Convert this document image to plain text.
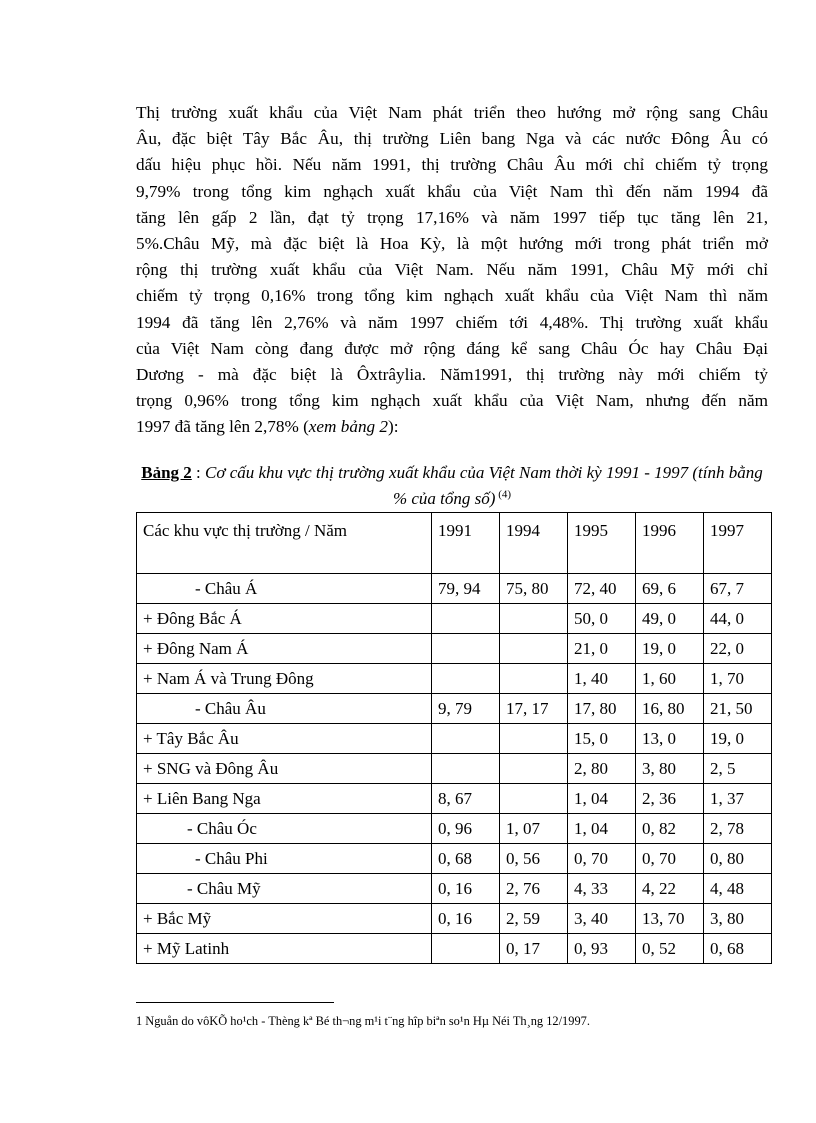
Thị trường xuất khẩu của Việt Nam phát triển theo hướng mở rộng sang Châu
Âu, đặc biệt Tây Bắc Âu, thị trường Liên bang Nga và các nước Đông Âu có
dấu hiệu phục hồi. Nếu năm 1991, thị trường Châu Âu mới chỉ chiếm tỷ trọng
9,79% trong tổng kim nghạch xuất khẩu của Việt Nam thì đến năm 1994 đã
tăng lên gấp 2 lần, đạt tỷ trọng 17,16% và năm 1997 tiếp tục tăng lên 21,
5%.Châu Mỹ, mà đặc biệt là Hoa Kỳ, là một hướng mới trong phát triển mở
rộng thị trường xuất khẩu của Việt Nam. Nếu năm 1991, Châu Mỹ mới chỉ
chiếm tỷ trọng 0,16% trong tổng kim nghạch xuất khẩu của Việt Nam thì năm
1994 đã tăng lên 2,76% và năm 1997 chiếm tới 4,48%. Thị trường xuất khẩu
của Việt Nam còng đang được mở rộng đáng kể sang Châu Óc hay Châu Đại
Dương - mà đặc biệt là Ôxtrâylia. Năm1991, thị trường này mới chiếm tỷ
trọng 0,96% trong tổng kim nghạch xuất khẩu của Việt Nam, nhưng đến năm
1997 đã tăng lên 2,78% (xem bảng 2):
Bảng 2 : Cơ cấu khu vực thị trường xuất khẩu của Việt Nam thời kỳ 1991 - 1997 (tính bằng % của tổng số) $^{(4)}$
Các khu vực thị trường / Năm	1991	1994	1995	1996	1997
- Châu Á	79, 94	75, 80	72, 40	69, 6	67, 7
+ Đông Bắc Á			50, 0	49, 0	44, 0
+ Đông Nam Á			21, 0	19, 0	22, 0
+ Nam Á và Trung Đông			1, 40	1, 60	1, 70
- Châu Âu	9, 79	17, 17	17, 80	16, 80	21, 50
+ Tây Bắc Âu			15, 0	13, 0	19, 0
+ SNG và Đông Âu			2, 80	3, 80	2, 5
+ Liên Bang Nga	8, 67		1, 04	2, 36	1, 37
- Châu Óc	0, 96	1, 07	1, 04	0, 82	2, 78
- Châu Phi	0, 68	0, 56	0, 70	0, 70	0, 80
- Châu Mỹ	0, 16	2, 76	4, 33	4, 22	4, 48
+ Bắc Mỹ	0, 16	2, 59	3, 40	13, 70	3, 80
+ Mỹ Latinh		0, 17	0, 93	0, 52	0, 68
1 Nguån do vôKÕ ho¹ch - Thèng kª Bé th¬ng m¹i t¨ng hîp biªn so¹n Hµ Néi Th¸ng 12/1997.
